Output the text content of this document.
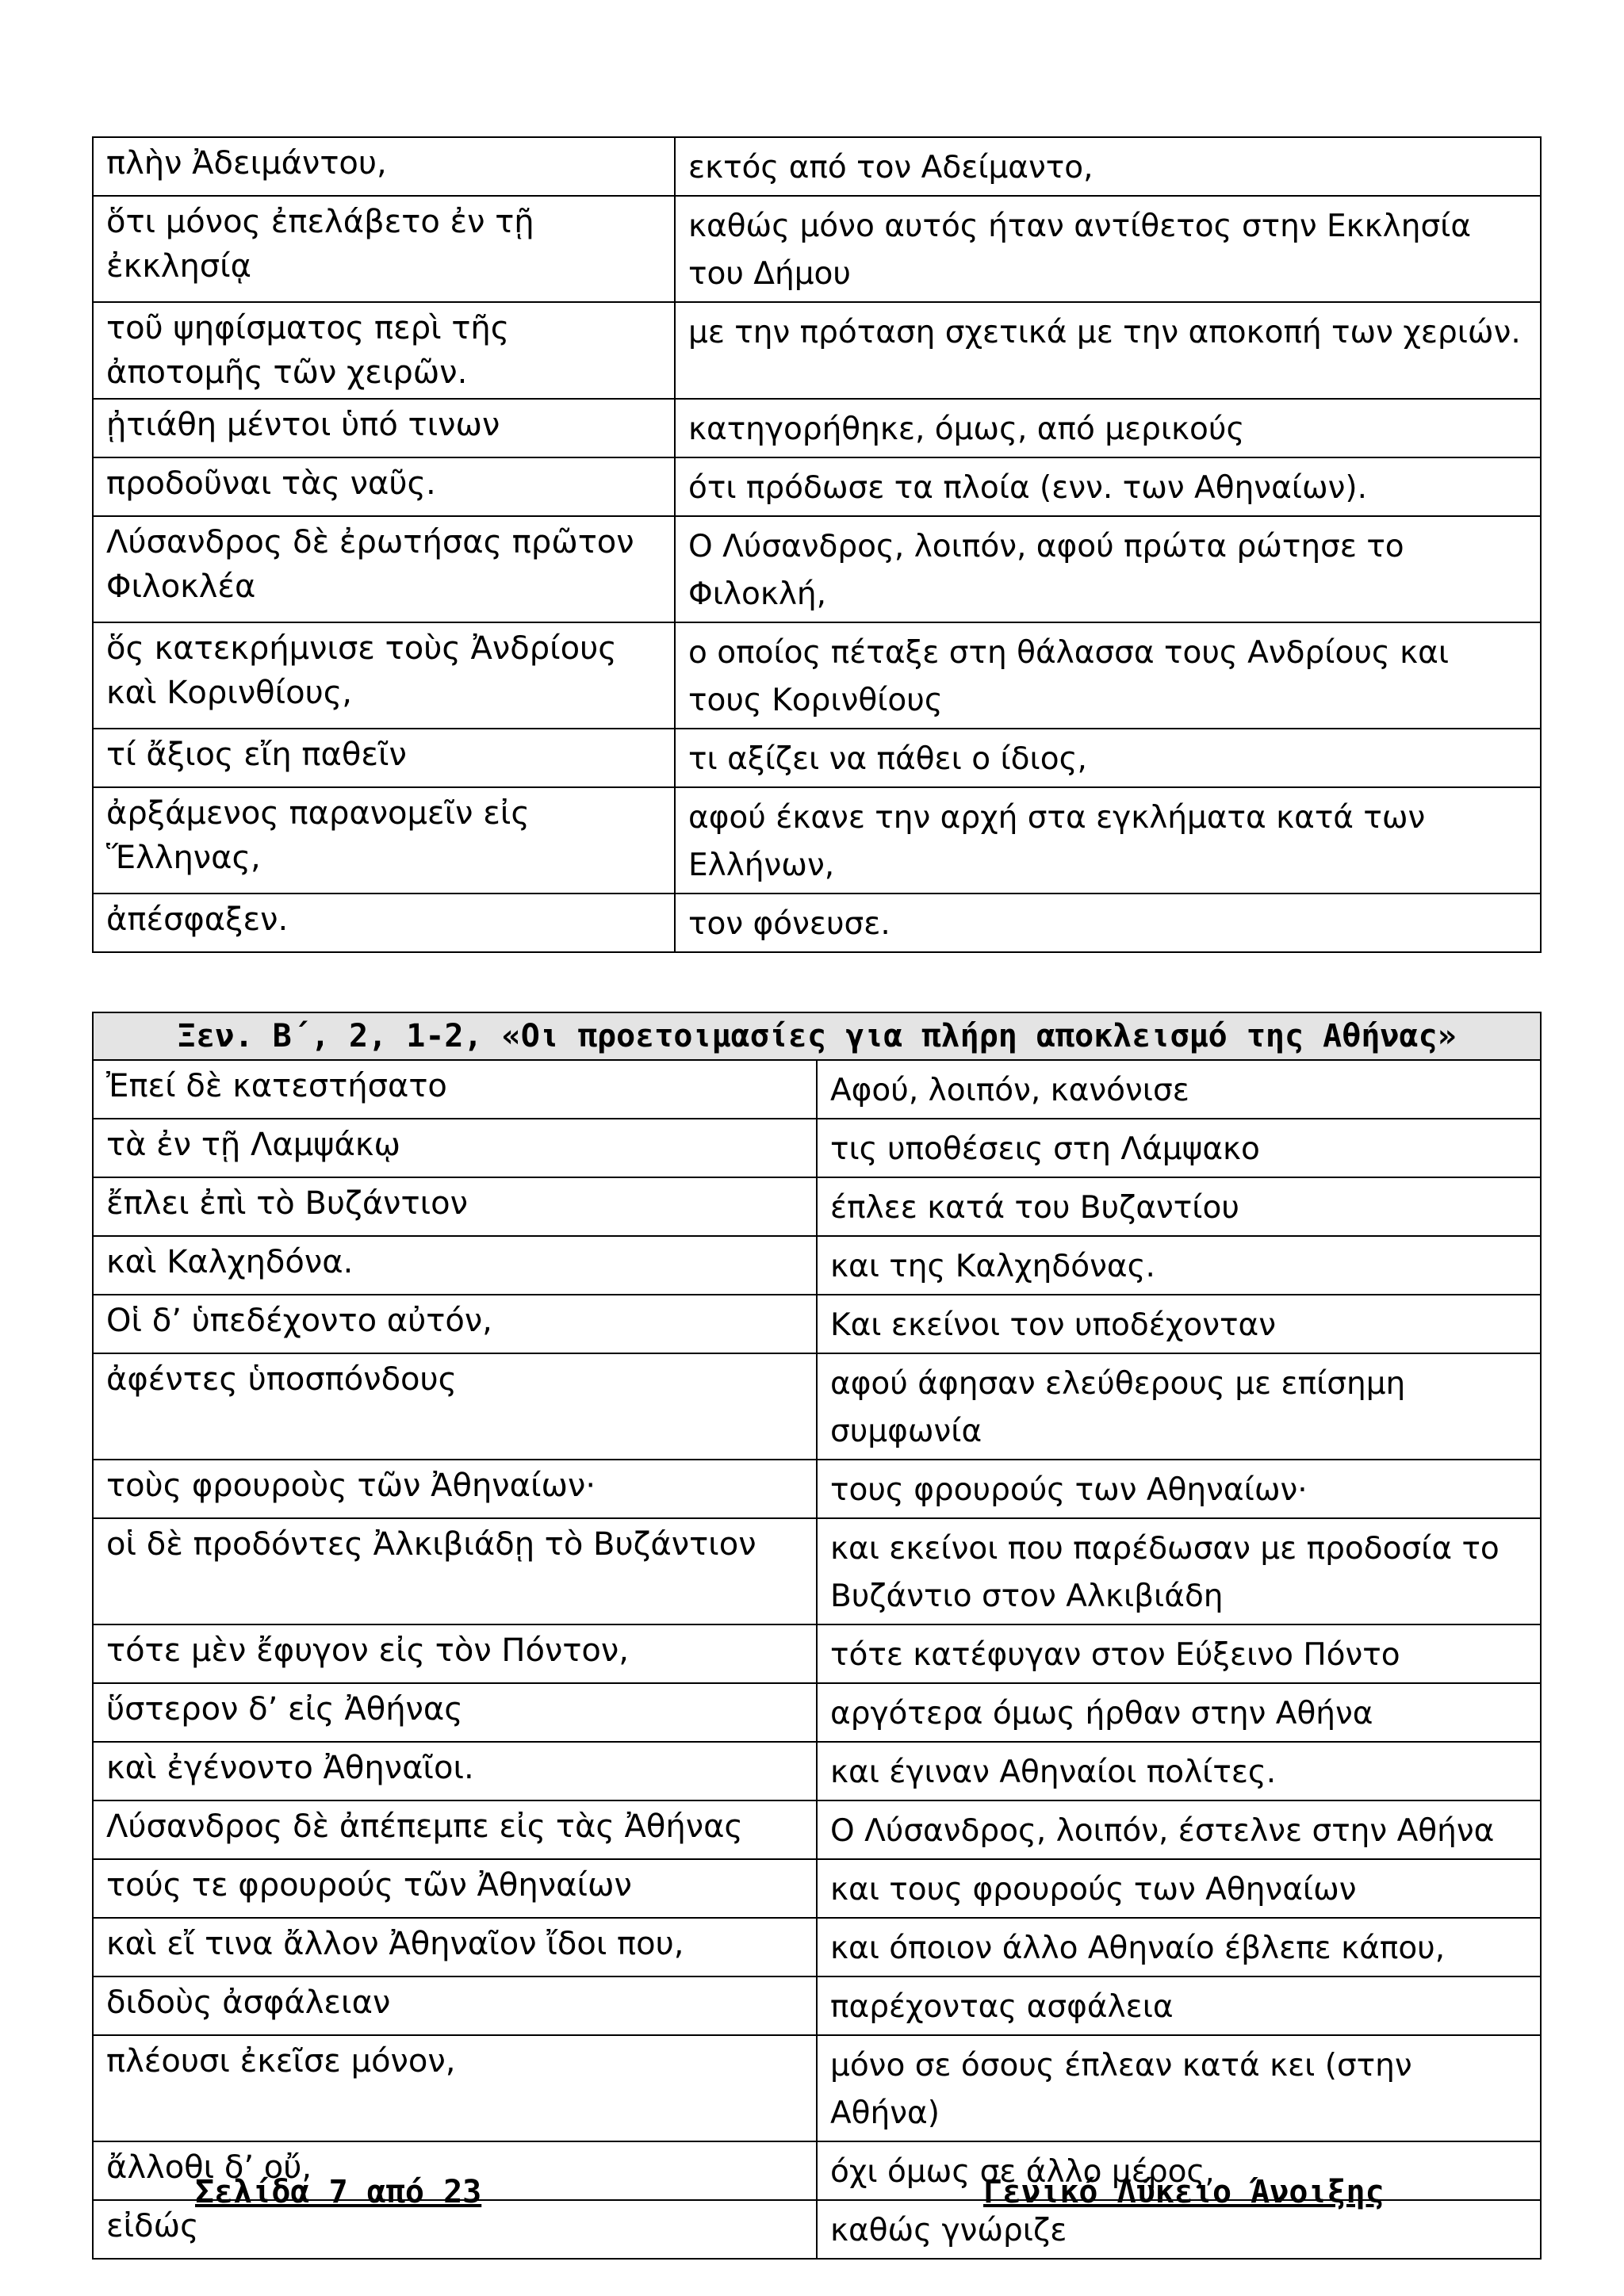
πλὴν Ἀδειμάντου,	εκτός από τον Αδείμαντο,
ὅτι μόνος ἐπελάβετο ἐν τῇ ἐκκλησίᾳ	καθώς μόνο αυτός ήταν αντίθετος στην Εκκλησία του Δήμου
τοῦ ψηφίσματος περὶ τῆς ἀποτομῆς τῶν χειρῶν.	με την πρόταση σχετικά με την αποκοπή των χεριών.
ᾐτιάθη μέντοι ὑπό τινων	κατηγορήθηκε, όμως, από μερικούς
προδοῦναι τὰς ναῦς.	ότι πρόδωσε τα πλοία (ενν. των Αθηναίων).
Λύσανδρος δὲ ἐρωτήσας πρῶτον Φιλοκλέα	Ο Λύσανδρος, λοιπόν, αφού πρώτα ρώτησε το Φιλοκλή,
ὅς κατεκρήμνισε τοὺς Ἀνδρίους καὶ Κορινθίους,	ο οποίος πέταξε στη θάλασσα τους Ανδρίους και τους Κορινθίους
τί ἄξιος εἴη παθεῖν	τι αξίζει να πάθει ο ίδιος,
ἀρξάμενος παρανομεῖν εἰς Ἕλληνας,	αφού έκανε την αρχή στα εγκλήματα κατά των Ελλήνων,
ἀπέσφαξεν.	τον φόνευσε.
Ξεν. Β΄, 2, 1-2, «Οι προετοιμασίες για πλήρη αποκλεισμό της Αθήνας»	
Ἐπεί δὲ κατεστήσατο	Αφού, λοιπόν, κανόνισε
τὰ ἐν τῇ Λαμψάκῳ	τις υποθέσεις στη Λάμψακο
ἔπλει ἐπὶ τὸ Βυζάντιον	έπλεε κατά του Βυζαντίου
καὶ Καλχηδόνα.	και της Καλχηδόνας.
Οἱ δ’ ὑπεδέχοντο αὐτόν,	Και εκείνοι τον υποδέχονταν
ἀφέντες ὑποσπόνδους	αφού άφησαν ελεύθερους με επίσημη συμφωνία
τοὺς φρουροὺς τῶν Ἀθηναίων·	τους φρουρούς των Αθηναίων·
οἱ δὲ προδόντες Ἀλκιβιάδῃ τὸ Βυζάντιον	και εκείνοι που παρέδωσαν με προδοσία το Βυζάντιο στον Αλκιβιάδη
τότε μὲν ἔφυγον εἰς τὸν Πόντον,	τότε κατέφυγαν στον Εύξεινο Πόντο
ὕστερον δ’ εἰς Ἀθήνας	αργότερα όμως ήρθαν στην Αθήνα
καὶ ἐγένοντο Ἀθηναῖοι.	και έγιναν Αθηναίοι πολίτες.
Λύσανδρος δὲ ἀπέπεμπε εἰς τὰς Ἀθήνας	Ο Λύσανδρος, λοιπόν, έστελνε στην Αθήνα
τούς τε φρουρούς τῶν Ἀθηναίων	και τους φρουρούς των Αθηναίων
καὶ εἴ τινα ἄλλον Ἀθηναῖον ἴδοι που,	και όποιον άλλο Αθηναίο έβλεπε κάπου,
διδοὺς ἀσφάλειαν	παρέχοντας ασφάλεια
πλέουσι ἐκεῖσε μόνον,	μόνο σε όσους έπλεαν κατά κει (στην Αθήνα)
ἄλλοθι δ’ οὔ,	όχι όμως σε άλλο μέρος,
εἰδώς	καθώς γνώριζε
Σελίδα 7 από 23	Γενικό Λύκειο Άνοιξης
